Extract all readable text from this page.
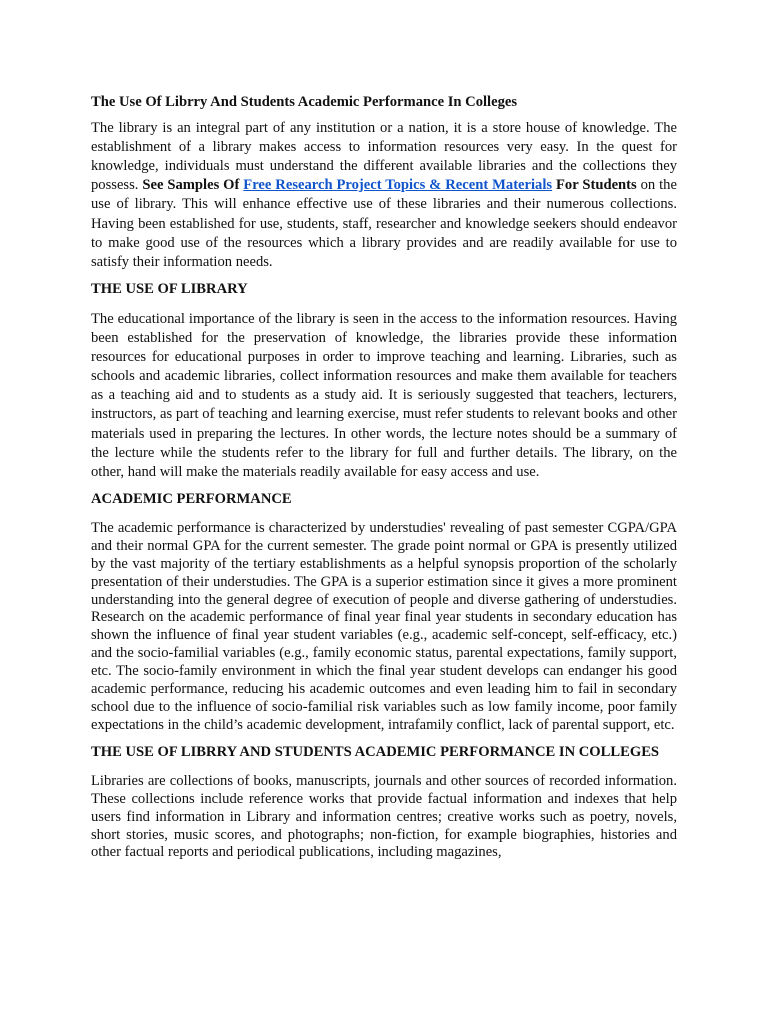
The Use Of Librry And Students Academic Performance In Colleges

The library is an integral part of any institution or a nation, it is a store house of knowledge. The establishment of a library makes access to information resources very easy. In the quest for knowledge, individuals must understand the different available libraries and the collections they possess. See Samples Of Free Research Project Topics & Recent Materials For Students on the use of library. This will enhance effective use of these libraries and their numerous collections. Having been established for use, students, staff, researcher and knowledge seekers should endeavor to make good use of the resources which a library provides and are readily available for use to satisfy their information needs.

THE USE OF LIBRARY

The educational importance of the library is seen in the access to the information resources. Having been established for the preservation of knowledge, the libraries provide these information resources for educational purposes in order to improve teaching and learning. Libraries, such as schools and academic libraries, collect information resources and make them available for teachers as a teaching aid and to students as a study aid. It is seriously suggested that teachers, lecturers, instructors, as part of teaching and learning exercise, must refer students to relevant books and other materials used in preparing the lectures. In other words, the lecture notes should be a summary of the lecture while the students refer to the library for full and further details. The library, on the other, hand will make the materials readily available for easy access and use.

ACADEMIC PERFORMANCE

The academic performance is characterized by understudies' revealing of past semester CGPA/GPA and their normal GPA for the current semester. The grade point normal or GPA is presently utilized by the vast majority of the tertiary establishments as a helpful synopsis proportion of the scholarly presentation of their understudies. The GPA is a superior estimation since it gives a more prominent understanding into the general degree of execution of people and diverse gathering of understudies. Research on the academic performance of final year final year students in secondary education has shown the influence of final year student variables (e.g., academic self-concept, self-efficacy, etc.) and the socio-familial variables (e.g., family economic status, parental expectations, family support, etc. The socio-family environment in which the final year student develops can endanger his good academic performance, reducing his academic outcomes and even leading him to fail in secondary school due to the influence of socio-familial risk variables such as low family income, poor family expectations in the child’s academic development, intrafamily conflict, lack of parental support, etc.

THE USE OF LIBRRY AND STUDENTS ACADEMIC PERFORMANCE IN COLLEGES

Libraries are collections of books, manuscripts, journals and other sources of recorded information. These collections include reference works that provide factual information and indexes that help users find information in Library and information centres; creative works such as poetry, novels, short stories, music scores, and photographs; non-fiction, for example biographies, histories and other factual reports and periodical publications, including magazines,
